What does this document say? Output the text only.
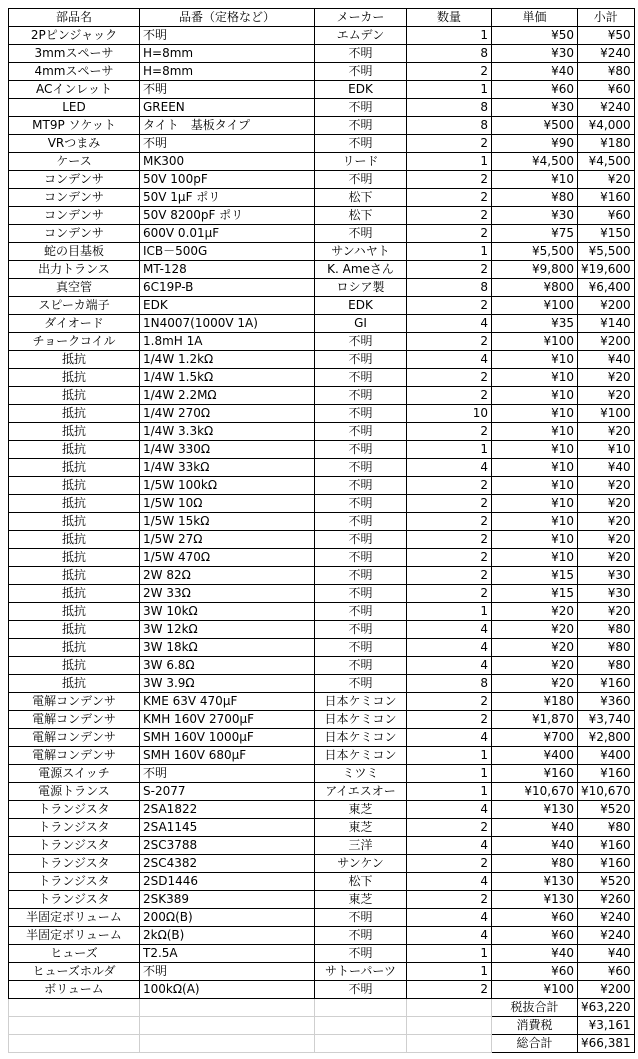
部品名	品番（定格など）	メーカー	数量	単価	小計
2Pピンジャック	不明	エムデン	1	¥50	¥50
3mmスペーサ	H=8mm	不明	8	¥30	¥240
4mmスペーサ	H=8mm	不明	2	¥40	¥80
ACインレット	不明	EDK	1	¥60	¥60
LED	GREEN	不明	8	¥30	¥240
MT9P ソケット	タイト　基板タイプ	不明	8	¥500	¥4,000
VRつまみ	不明	不明	2	¥90	¥180
ケース	MK300	リード	1	¥4,500	¥4,500
コンデンサ	50V 100pF	不明	2	¥10	¥20
コンデンサ	50V 1μF ポリ	松下	2	¥80	¥160
コンデンサ	50V 8200pF ポリ	松下	2	¥30	¥60
コンデンサ	600V 0.01μF	不明	2	¥75	¥150
蛇の目基板	ICB－500G	サンハヤト	1	¥5,500	¥5,500
出力トランス	MT-128	K. Ameさん	2	¥9,800	¥19,600
真空管	6C19P-B	ロシア製	8	¥800	¥6,400
スピーカ端子	EDK	EDK	2	¥100	¥200
ダイオード	1N4007(1000V 1A)	GI	4	¥35	¥140
チョークコイル	1.8mH 1A	不明	2	¥100	¥200
抵抗	1/4W 1.2kΩ	不明	4	¥10	¥40
抵抗	1/4W 1.5kΩ	不明	2	¥10	¥20
抵抗	1/4W 2.2MΩ	不明	2	¥10	¥20
抵抗	1/4W 270Ω	不明	10	¥10	¥100
抵抗	1/4W 3.3kΩ	不明	2	¥10	¥20
抵抗	1/4W 330Ω	不明	1	¥10	¥10
抵抗	1/4W 33kΩ	不明	4	¥10	¥40
抵抗	1/5W 100kΩ	不明	2	¥10	¥20
抵抗	1/5W 10Ω	不明	2	¥10	¥20
抵抗	1/5W 15kΩ	不明	2	¥10	¥20
抵抗	1/5W 27Ω	不明	2	¥10	¥20
抵抗	1/5W 470Ω	不明	2	¥10	¥20
抵抗	2W 82Ω	不明	2	¥15	¥30
抵抗	2W 33Ω	不明	2	¥15	¥30
抵抗	3W 10kΩ	不明	1	¥20	¥20
抵抗	3W 12kΩ	不明	4	¥20	¥80
抵抗	3W 18kΩ	不明	4	¥20	¥80
抵抗	3W 6.8Ω	不明	4	¥20	¥80
抵抗	3W 3.9Ω	不明	8	¥20	¥160
電解コンデンサ	KME 63V 470μF	日本ケミコン	2	¥180	¥360
電解コンデンサ	KMH 160V 2700μF	日本ケミコン	2	¥1,870	¥3,740
電解コンデンサ	SMH 160V 1000μF	日本ケミコン	4	¥700	¥2,800
電解コンデンサ	SMH 160V 680μF	日本ケミコン	1	¥400	¥400
電源スイッチ	不明	ミツミ	1	¥160	¥160
電源トランス	S-2077	アイエスオー	1	¥10,670	¥10,670
トランジスタ	2SA1822	東芝	4	¥130	¥520
トランジスタ	2SA1145	東芝	2	¥40	¥80
トランジスタ	2SC3788	三洋	4	¥40	¥160
トランジスタ	2SC4382	サンケン	2	¥80	¥160
トランジスタ	2SD1446	松下	4	¥130	¥520
トランジスタ	2SK389	東芝	2	¥130	¥260
半固定ボリューム	200Ω(B)	不明	4	¥60	¥240
半固定ボリューム	2kΩ(B)	不明	4	¥60	¥240
ヒューズ	T2.5A	不明	1	¥40	¥40
ヒューズホルダ	不明	サトーパーツ	1	¥60	¥60
ボリューム	100kΩ(A)	不明	2	¥100	¥200
				税抜合計	¥63,220
				消費税	¥3,161
				総合計	¥66,381
